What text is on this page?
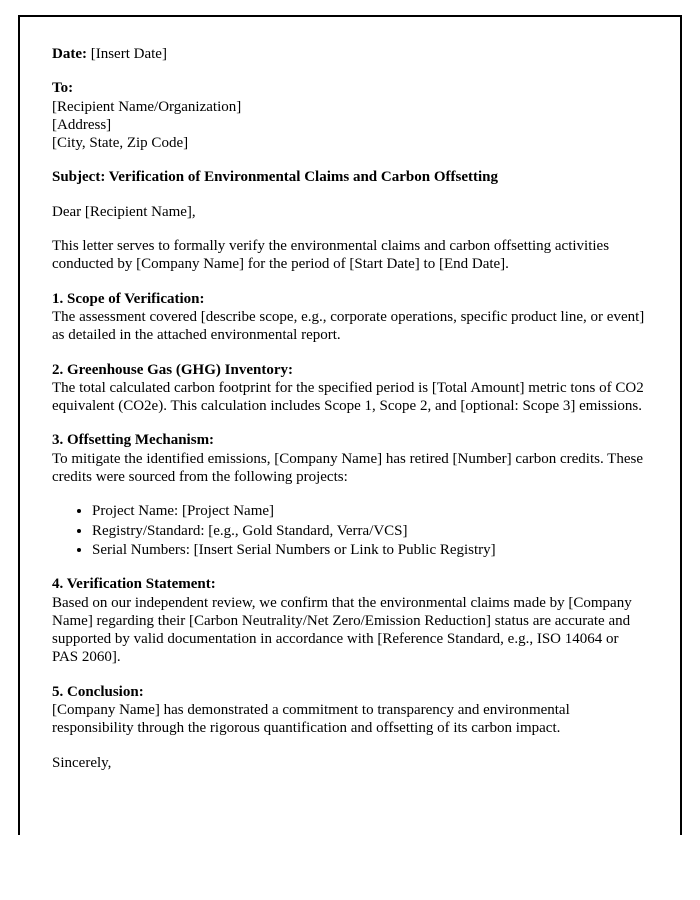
Date: [Insert Date]

To:

[Recipient Name/Organization]

[Address]

[City, State, Zip Code]

Subject: Verification of Environmental Claims and Carbon Offsetting

Dear [Recipient Name],

This letter serves to formally verify the environmental claims and carbon offsetting activities conducted by [Company Name] for the period of [Start Date] to [End Date].

1. Scope of Verification:

The assessment covered [describe scope, e.g., corporate operations, specific product line, or event] as detailed in the attached environmental report.

2. Greenhouse Gas (GHG) Inventory:

The total calculated carbon footprint for the specified period is [Total Amount] metric tons of CO2 equivalent (CO2e). This calculation includes Scope 1, Scope 2, and [optional: Scope 3] emissions.

3. Offsetting Mechanism:

To mitigate the identified emissions, [Company Name] has retired [Number] carbon credits. These credits were sourced from the following projects:

• Project Name: [Project Name]
• Registry/Standard: [e.g., Gold Standard, Verra/VCS]
• Serial Numbers: [Insert Serial Numbers or Link to Public Registry]

4. Verification Statement:

Based on our independent review, we confirm that the environmental claims made by [Company Name] regarding their [Carbon Neutrality/Net Zero/Emission Reduction] status are accurate and supported by valid documentation in accordance with [Reference Standard, e.g., ISO 14064 or PAS 2060].

5. Conclusion:

[Company Name] has demonstrated a commitment to transparency and environmental responsibility through the rigorous quantification and offsetting of its carbon impact.

Sincerely,
